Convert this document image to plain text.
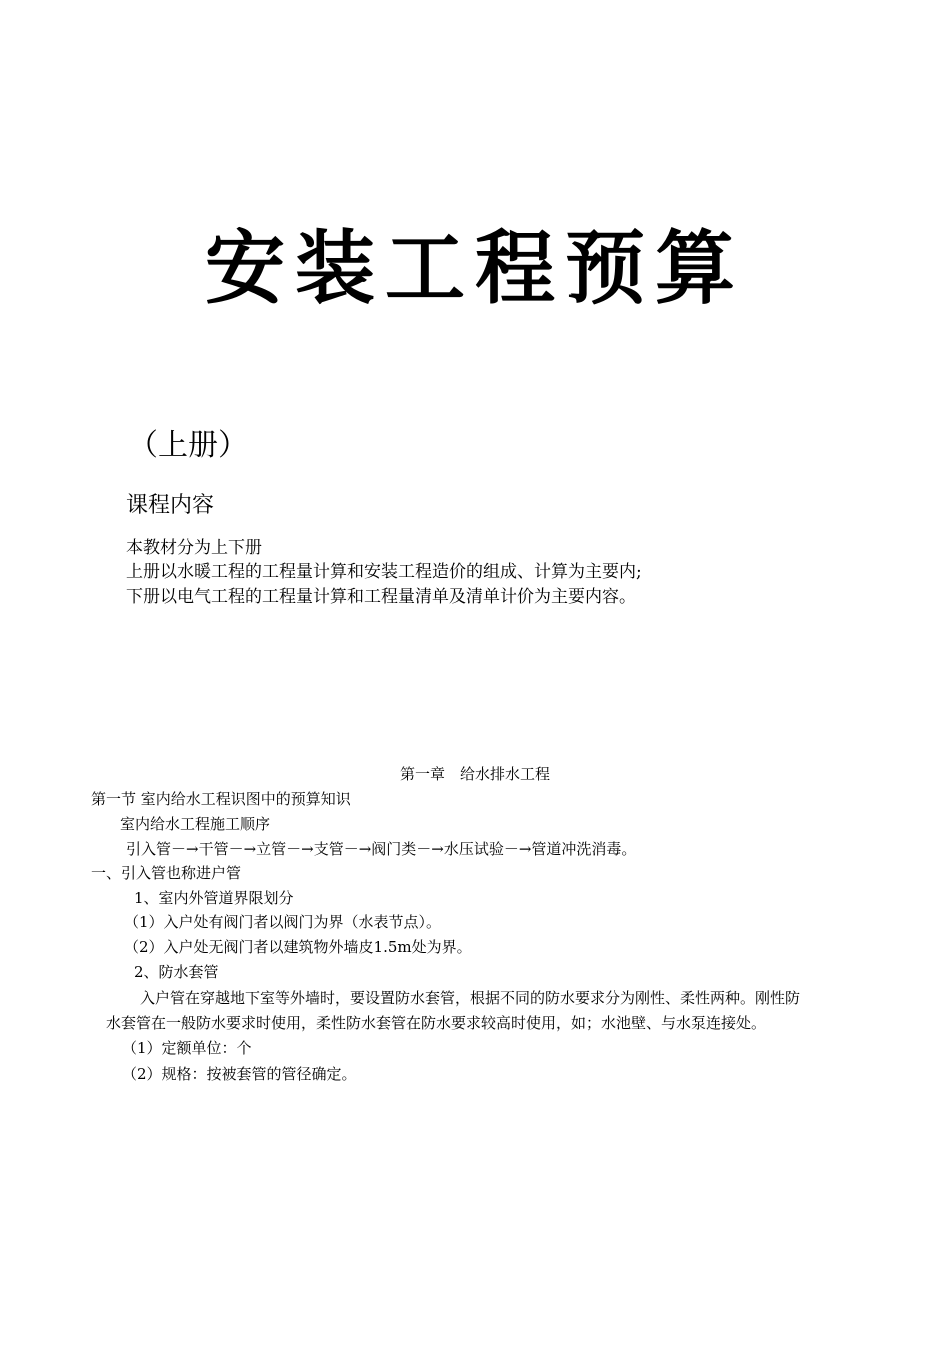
安装工程预算
（上册）
课程内容
本教材分为上下册
上册以水暖工程的工程量计算和安装工程造价的组成、计算为主要内;
下册以电气工程的工程量计算和工程量清单及清单计价为主要内容。
第一章　给水排水工程
第一节 室内给水工程识图中的预算知识
室内给水工程施工顺序
引入管－→干管－→立管－→支管－→阀门类－→水压试验－→管道冲洗消毒。
一、引入管也称进户管
1、室内外管道界限划分
（1）入户处有阀门者以阀门为界（水表节点）。
（2）入户处无阀门者以建筑物外墙皮1.5m处为界。
2、防水套管
入户管在穿越地下室等外墙时，要设置防水套管，根据不同的防水要求分为刚性、柔性两种。刚性防
水套管在一般防水要求时使用，柔性防水套管在防水要求较高时使用，如；水池壁、与水泵连接处。
（1）定额单位：个
（2）规格：按被套管的管径确定。
